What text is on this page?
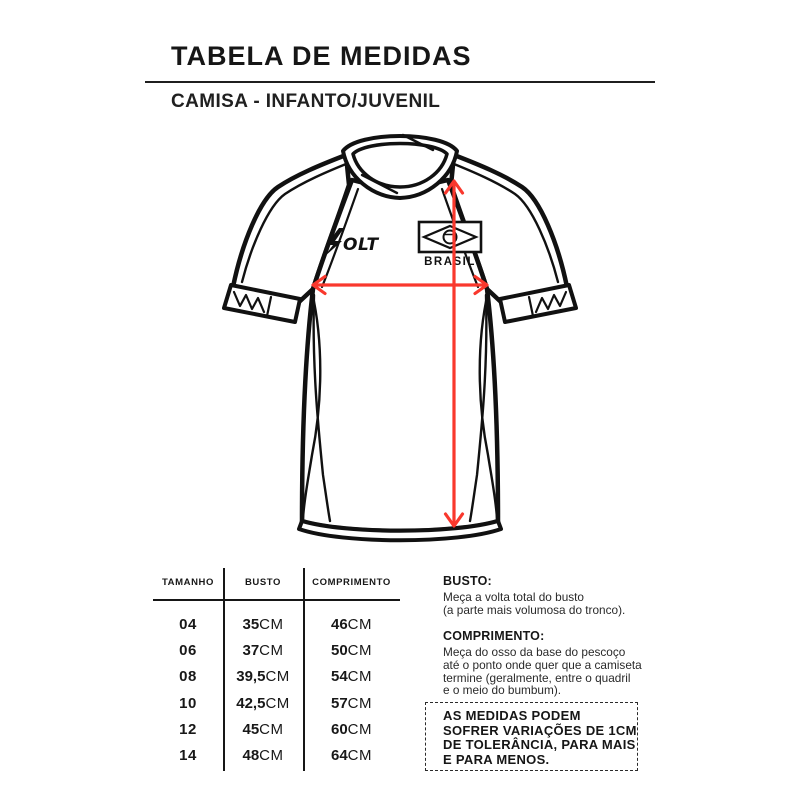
TABELA DE MEDIDAS
CAMISA - INFANTO/JUVENIL
OLT
BRASIL
TAMANHO	BUSTO	COMPRIMENTO
04	35CM	46CM
06	37CM	50CM
08	39,5CM	54CM
10	42,5CM	57CM
12	45CM	60CM
14	48CM	64CM
BUSTO:
Meça a volta total do busto
(a parte mais volumosa do tronco).
COMPRIMENTO:
Meça do osso da base do pescoço
até o ponto onde quer que a camiseta
termine (geralmente, entre o quadril
e o meio do bumbum).
AS MEDIDAS PODEM
SOFRER VARIAÇÕES DE 1CM
DE TOLERÂNCIA, PARA MAIS
E PARA MENOS.
